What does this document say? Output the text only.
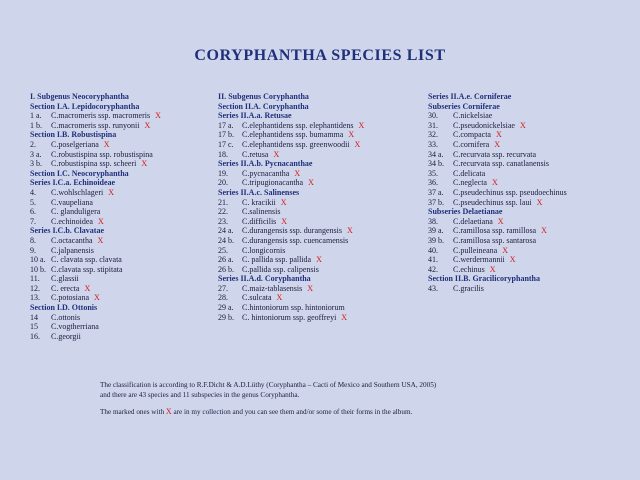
CORYPHANTHA SPECIES LIST
I. Subgenus Neocoryphantha
Section I.A. Lepidocoryphantha
1 a.	C.macromeris ssp. macromeris X
1 b.	C.macromeris ssp. runyonii X
Section I.B. Robustispina
2.	C.poselgeriana X
3 a.	C.robustispina ssp. robustispina
3 b.	C.robustispina ssp. scheeri X
Section I.C. Neocoryphantha
Series I.C.a. Echinoideae
4.	C.wohlschlageri X
5.	C.vaupeliana
6.	C. glanduligera
7.	C.echinoidea X
Series I.C.b. Clavatae
8.	C.octacantha X
9.	C.jalpanensis
10 a. C. clavata ssp. clavata
10 b. C.clavata ssp. stipitata
11.	C.glassii
12.	C. erecta X
13.	C.potosiana X
Section I.D. Ottonis
14	C.ottonis
15	C.vogtherriana
16.	C.georgii
II. Subgenus Coryphantha
Section II.A. Coryphantha
Series II.A.a. Retusae
17 a.	C.elephantidens ssp. elephantidens X
17 b.	C.elephantidens ssp. bumamma X
17 c.	C.elephantidens ssp. greenwoodii X
18.	C.retusa X
Series II.A.b. Pycnacanthae
19.	C.pycnacantha X
20.	C.tripugionacantha X
Series II.A.c. Salinenses
21.	C. kracikii X
22.	C.salinensis
23.	C.difficilis X
24 a.	C.durangensis ssp. durangensis X
24 b.	C.durangensis ssp. cuencamensis
25.	C.longicornis
26 a.	C. pallida ssp. pallida X
26 b.	C.pallida ssp. calipensis
Series II.A.d. Coryphantha
27.	C.maiz-tablasensis X
28.	C.sulcata X
29 a.	C.hintoniorum ssp. hintoniorum
29 b.	C. hintoniorum ssp. geoffreyi X
Series II.A.e. Corniferae
Subseries Corniferae
30.	C.nickelsiae
31.	C.pseudonickelsiae X
32.	C.compacta X
33.	C.cornifera X
34 a.	C.recurvata ssp. recurvata
34 b.	C.recurvata ssp. canatlanensis
35.	C.delicata
36.	C.neglecta X
37 a.	C.pseudechinus ssp. pseudoechinus
37 b.	C.pseudechinus ssp. laui X
Subseries Delaetianae
38.	C.delaetiana X
39 a.	C.ramillosa ssp. ramillosa X
39 b.	C.ramillosa ssp. santarosa
40.	C.pulleineana X
41.	C.werdermannii X
42.	C.echinus X
Section II.B. Gracilicoryphantha
43.	C.gracilis
The classification is according to R.F.Dicht & A.D.Lüthy (Coryphantha – Cacti of Mexico and Southern USA, 2005)
and there are 43 species and 11 subspecies in the genus Coryphantha.
The marked ones with X are in my collection and you can see them and/or some of their forms in the album.
